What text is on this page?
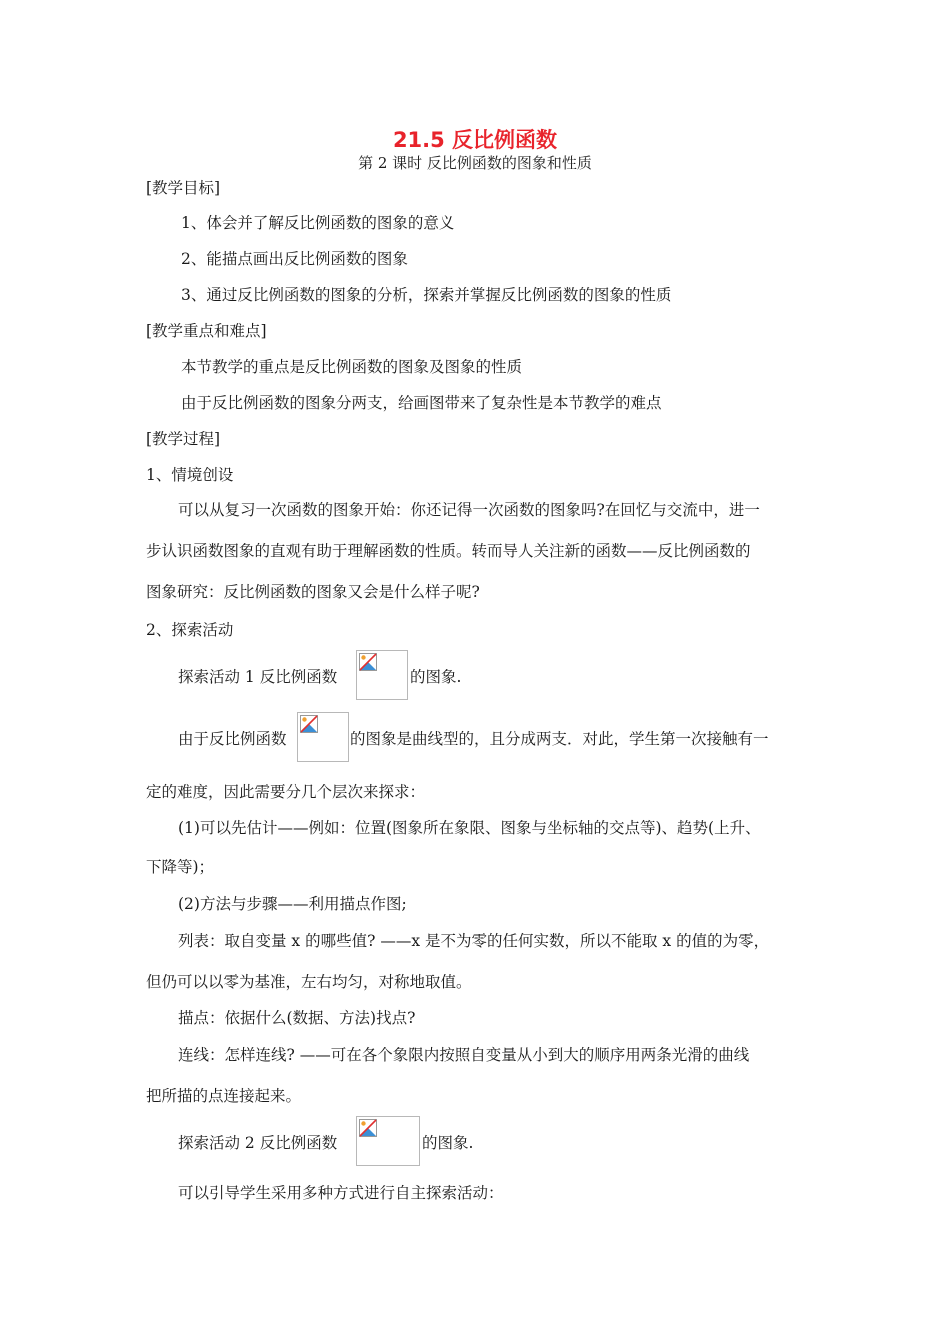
21.5 反比例函数
第 2 课时 反比例函数的图象和性质
[教学目标]
1、体会并了解反比例函数的图象的意义
2、能描点画出反比例函数的图象
3、通过反比例函数的图象的分析，探索并掌握反比例函数的图象的性质
[教学重点和难点]
本节教学的重点是反比例函数的图象及图象的性质
由于反比例函数的图象分两支，给画图带来了复杂性是本节教学的难点
[教学过程]
1、情境创设
可以从复习一次函数的图象开始：你还记得一次函数的图象吗?在回忆与交流中，进一
步认识函数图象的直观有助于理解函数的性质。转而导人关注新的函数——反比例函数的
图象研究：反比例函数的图象又会是什么样子呢?
2、探索活动
探索活动 1 反比例函数	的图象.
由于反比例函数	的图象是曲线型的，且分成两支．对此，学生第一次接触有一
定的难度，因此需要分几个层次来探求：
(1)可以先估计——例如：位置(图象所在象限、图象与坐标轴的交点等)、趋势(上升、
下降等)；
(2)方法与步骤——利用描点作图;
列表：取自变量 x 的哪些值? ——x 是不为零的任何实数，所以不能取 x 的值的为零，
但仍可以以零为基准，左右均匀，对称地取值。
描点：依据什么(数据、方法)找点?
连线：怎样连线? ——可在各个象限内按照自变量从小到大的顺序用两条光滑的曲线
把所描的点连接起来。
探索活动 2 反比例函数	的图象.
可以引导学生采用多种方式进行自主探索活动：
